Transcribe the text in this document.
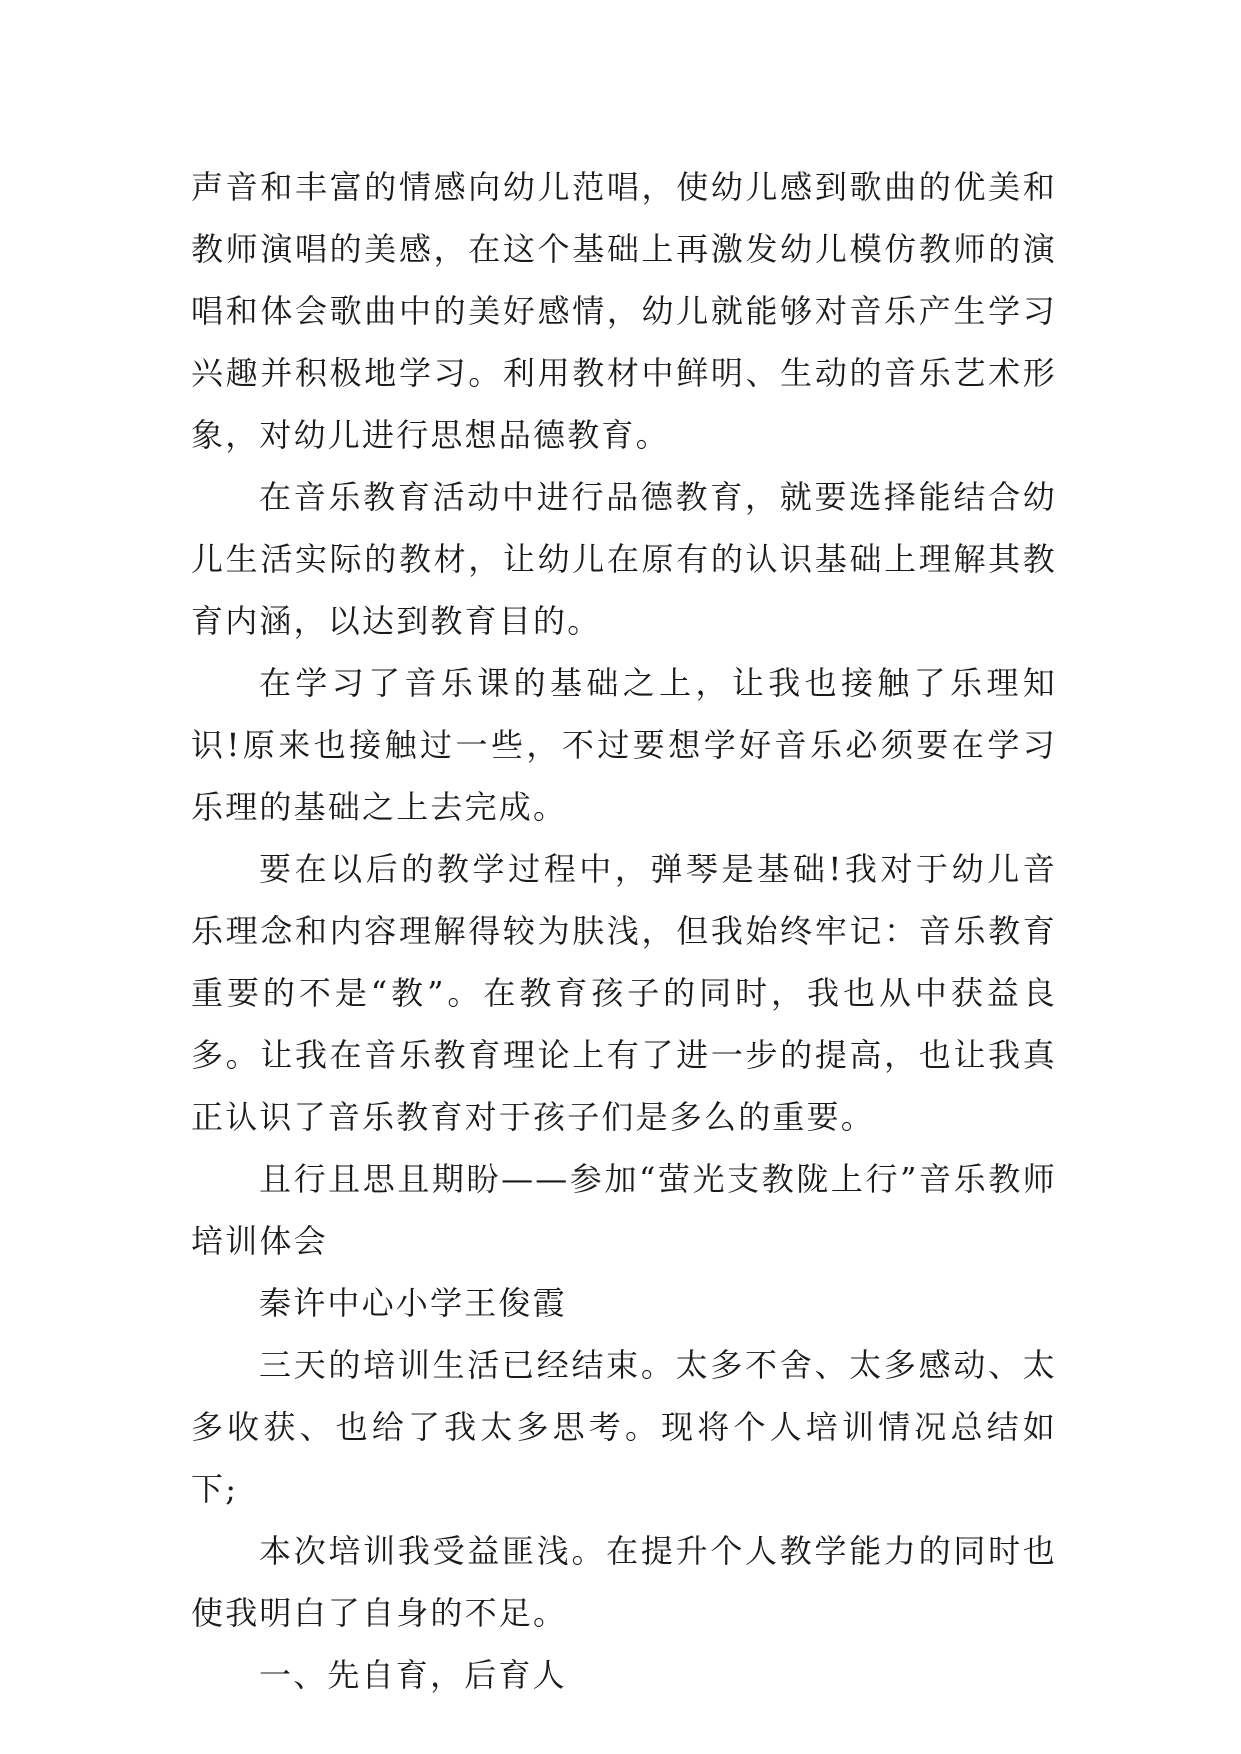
声音和丰富的情感向幼儿范唱，使幼儿感到歌曲的优美和教师演唱的美感，在这个基础上再激发幼儿模仿教师的演唱和体会歌曲中的美好感情，幼儿就能够对音乐产生学习兴趣并积极地学习。利用教材中鲜明、生动的音乐艺术形象，对幼儿进行思想品德教育。

在音乐教育活动中进行品德教育，就要选择能结合幼儿生活实际的教材，让幼儿在原有的认识基础上理解其教育内涵，以达到教育目的。

在学习了音乐课的基础之上，让我也接触了乐理知识!原来也接触过一些，不过要想学好音乐必须要在学习乐理的基础之上去完成。

要在以后的教学过程中，弹琴是基础!我对于幼儿音乐理念和内容理解得较为肤浅，但我始终牢记：音乐教育重要的不是“教”。在教育孩子的同时，我也从中获益良多。让我在音乐教育理论上有了进一步的提高，也让我真正认识了音乐教育对于孩子们是多么的重要。

且行且思且期盼——参加“萤光支教陇上行”音乐教师培训体会

秦许中心小学王俊霞

三天的培训生活已经结束。太多不舍、太多感动、太多收获、也给了我太多思考。现将个人培训情况总结如下;

本次培训我受益匪浅。在提升个人教学能力的同时也使我明白了自身的不足。

一、先自育，后育人
